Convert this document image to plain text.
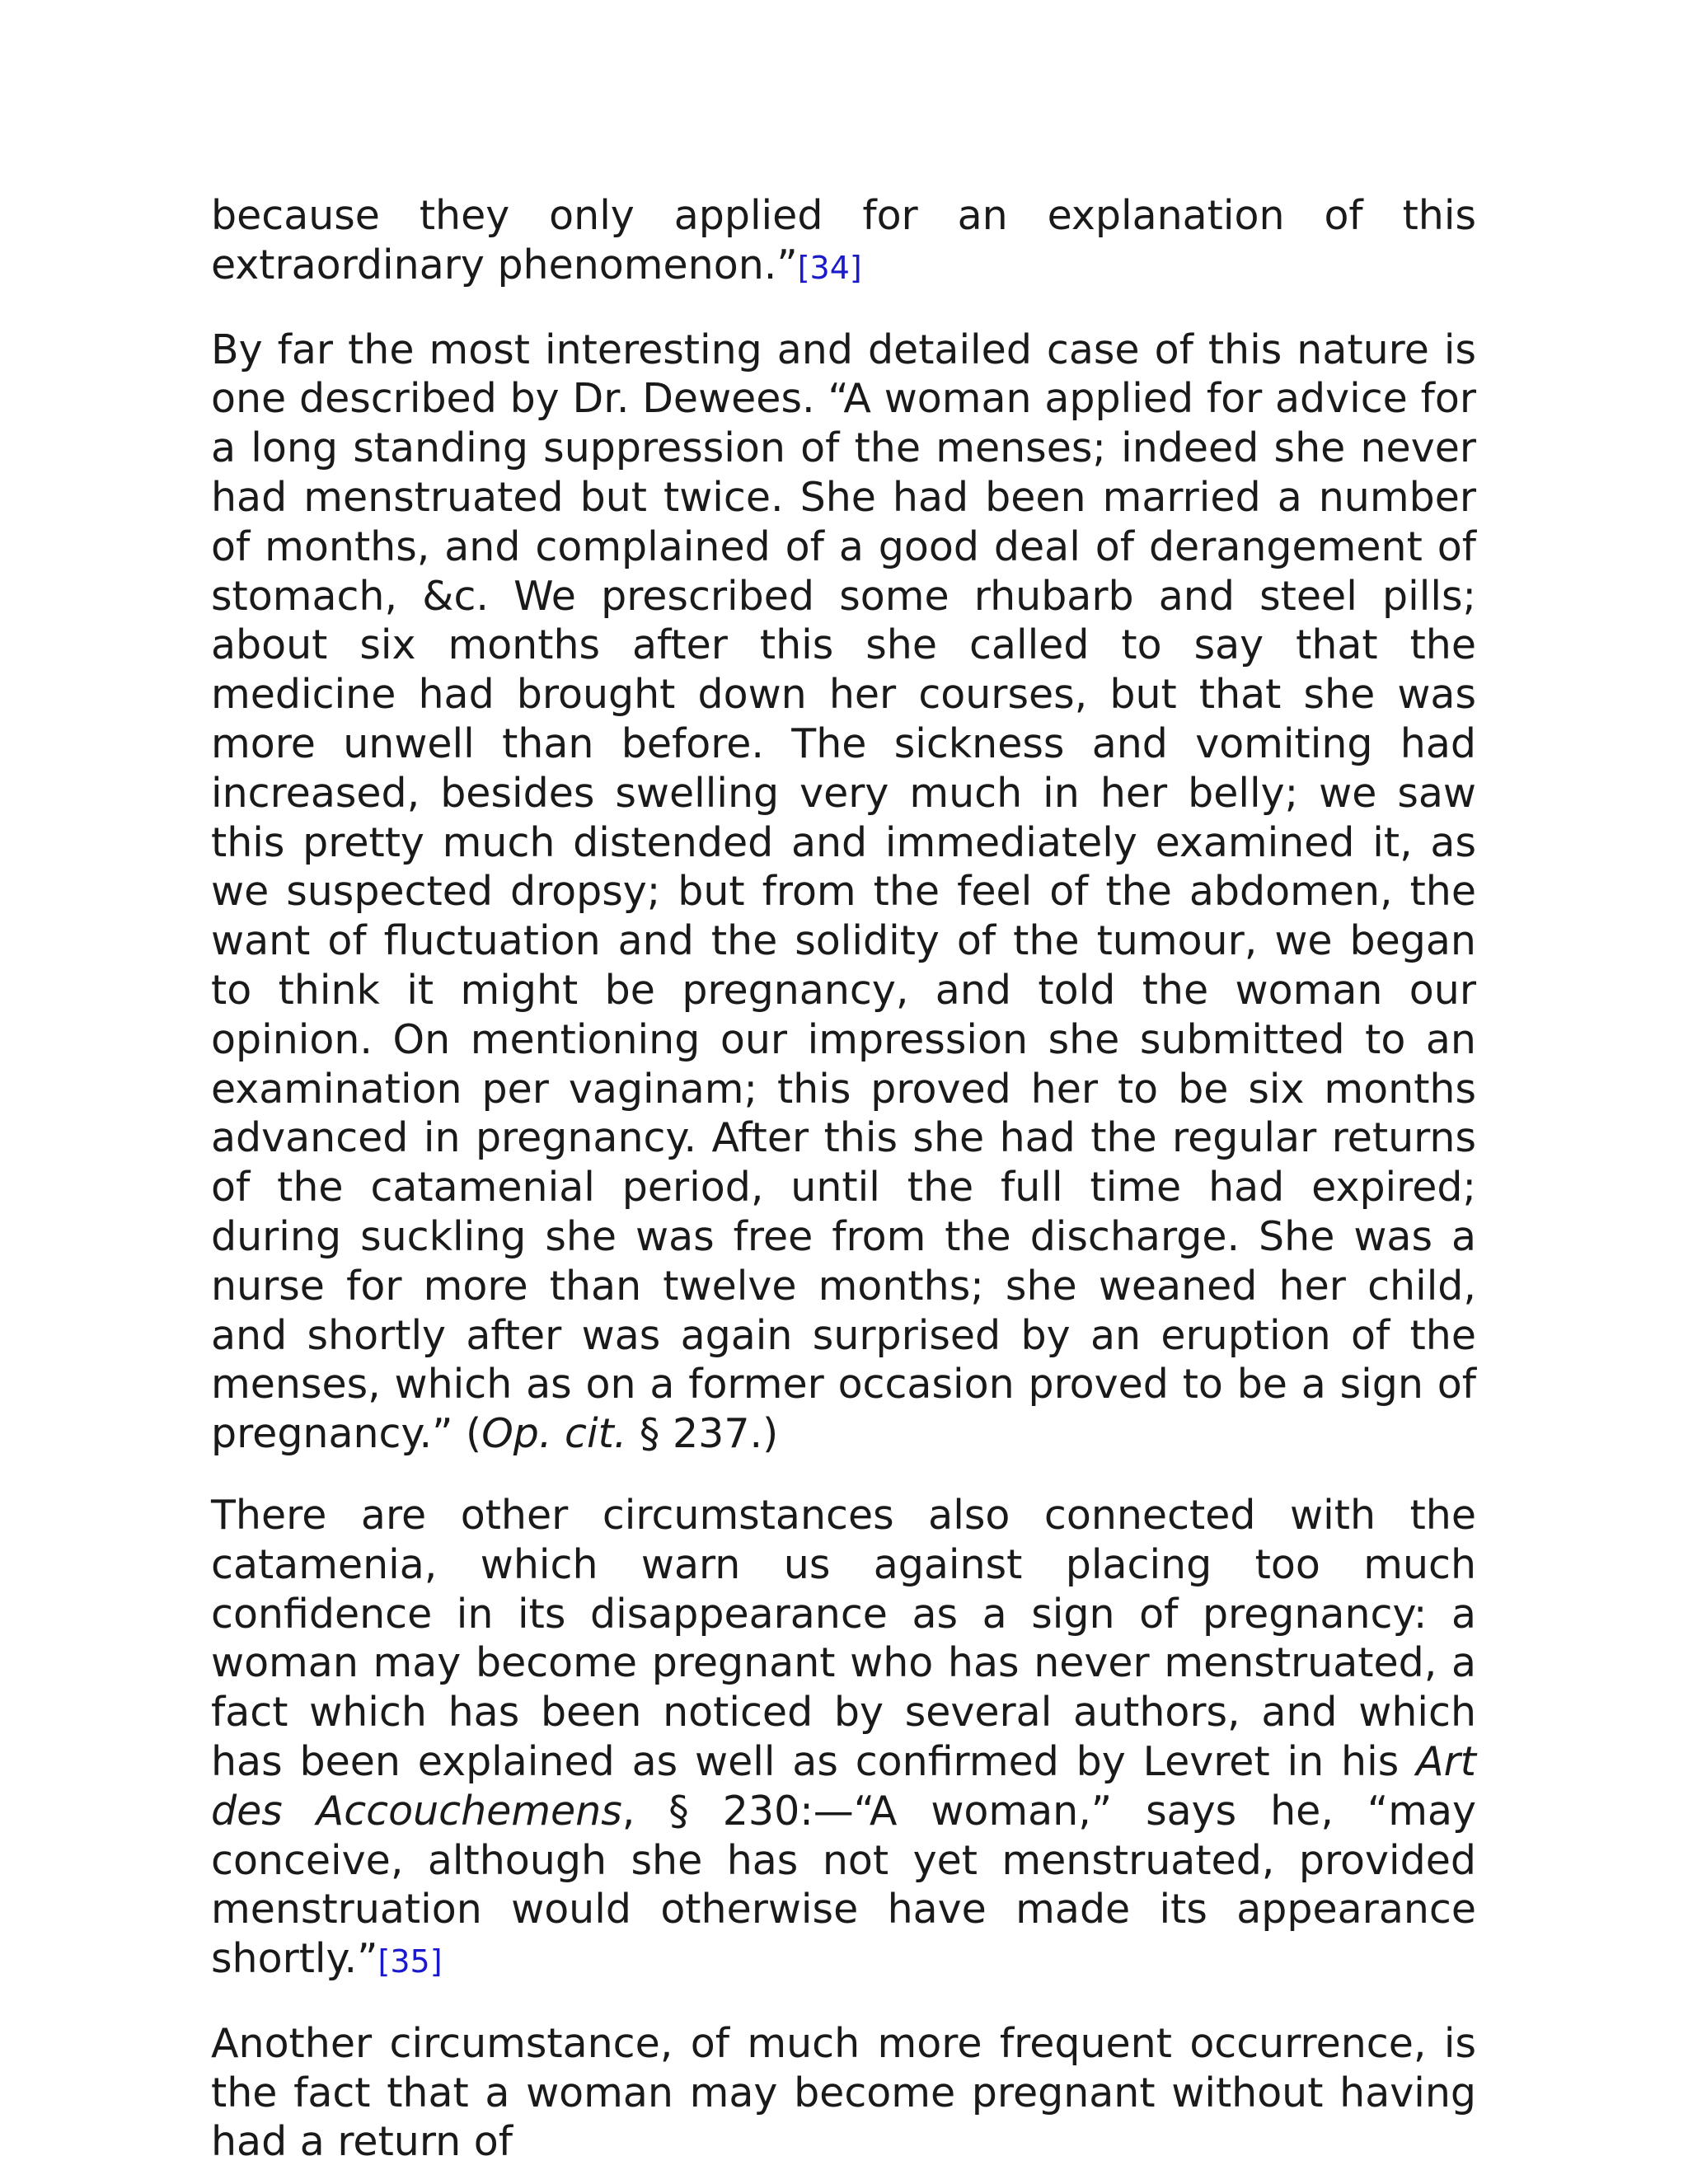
because they only applied for an explanation of this extraordinary phenomenon.”[34]

By far the most interesting and detailed case of this nature is one described by Dr. Dewees. “A woman applied for advice for a long standing suppression of the menses; indeed she never had menstruated but twice. She had been married a number of months, and complained of a good deal of derangement of stomach, &c. We prescribed some rhubarb and steel pills; about six months after this she called to say that the medicine had brought down her courses, but that she was more unwell than before. The sickness and vomiting had increased, besides swelling very much in her belly; we saw this pretty much distended and immediately examined it, as we suspected dropsy; but from the feel of the abdomen, the want of fluctuation and the solidity of the tumour, we began to think it might be pregnancy, and told the woman our opinion. On mentioning our impression she submitted to an examination per vaginam; this proved her to be six months advanced in pregnancy. After this she had the regular returns of the catamenial period, until the full time had expired; during suckling she was free from the discharge. She was a nurse for more than twelve months; she weaned her child, and shortly after was again surprised by an eruption of the menses, which as on a former occasion proved to be a sign of pregnancy.” (Op. cit. § 237.)

There are other circumstances also connected with the catamenia, which warn us against placing too much confidence in its disappearance as a sign of pregnancy: a woman may become pregnant who has never menstruated, a fact which has been noticed by several authors, and which has been explained as well as confirmed by Levret in his Art des Accouchemens, § 230:—“A woman,” says he, “may conceive, although she has not yet menstruated, provided menstruation would otherwise have made its appearance shortly.”[35]

Another circumstance, of much more frequent occurrence, is the fact that a woman may become pregnant without having had a return of
